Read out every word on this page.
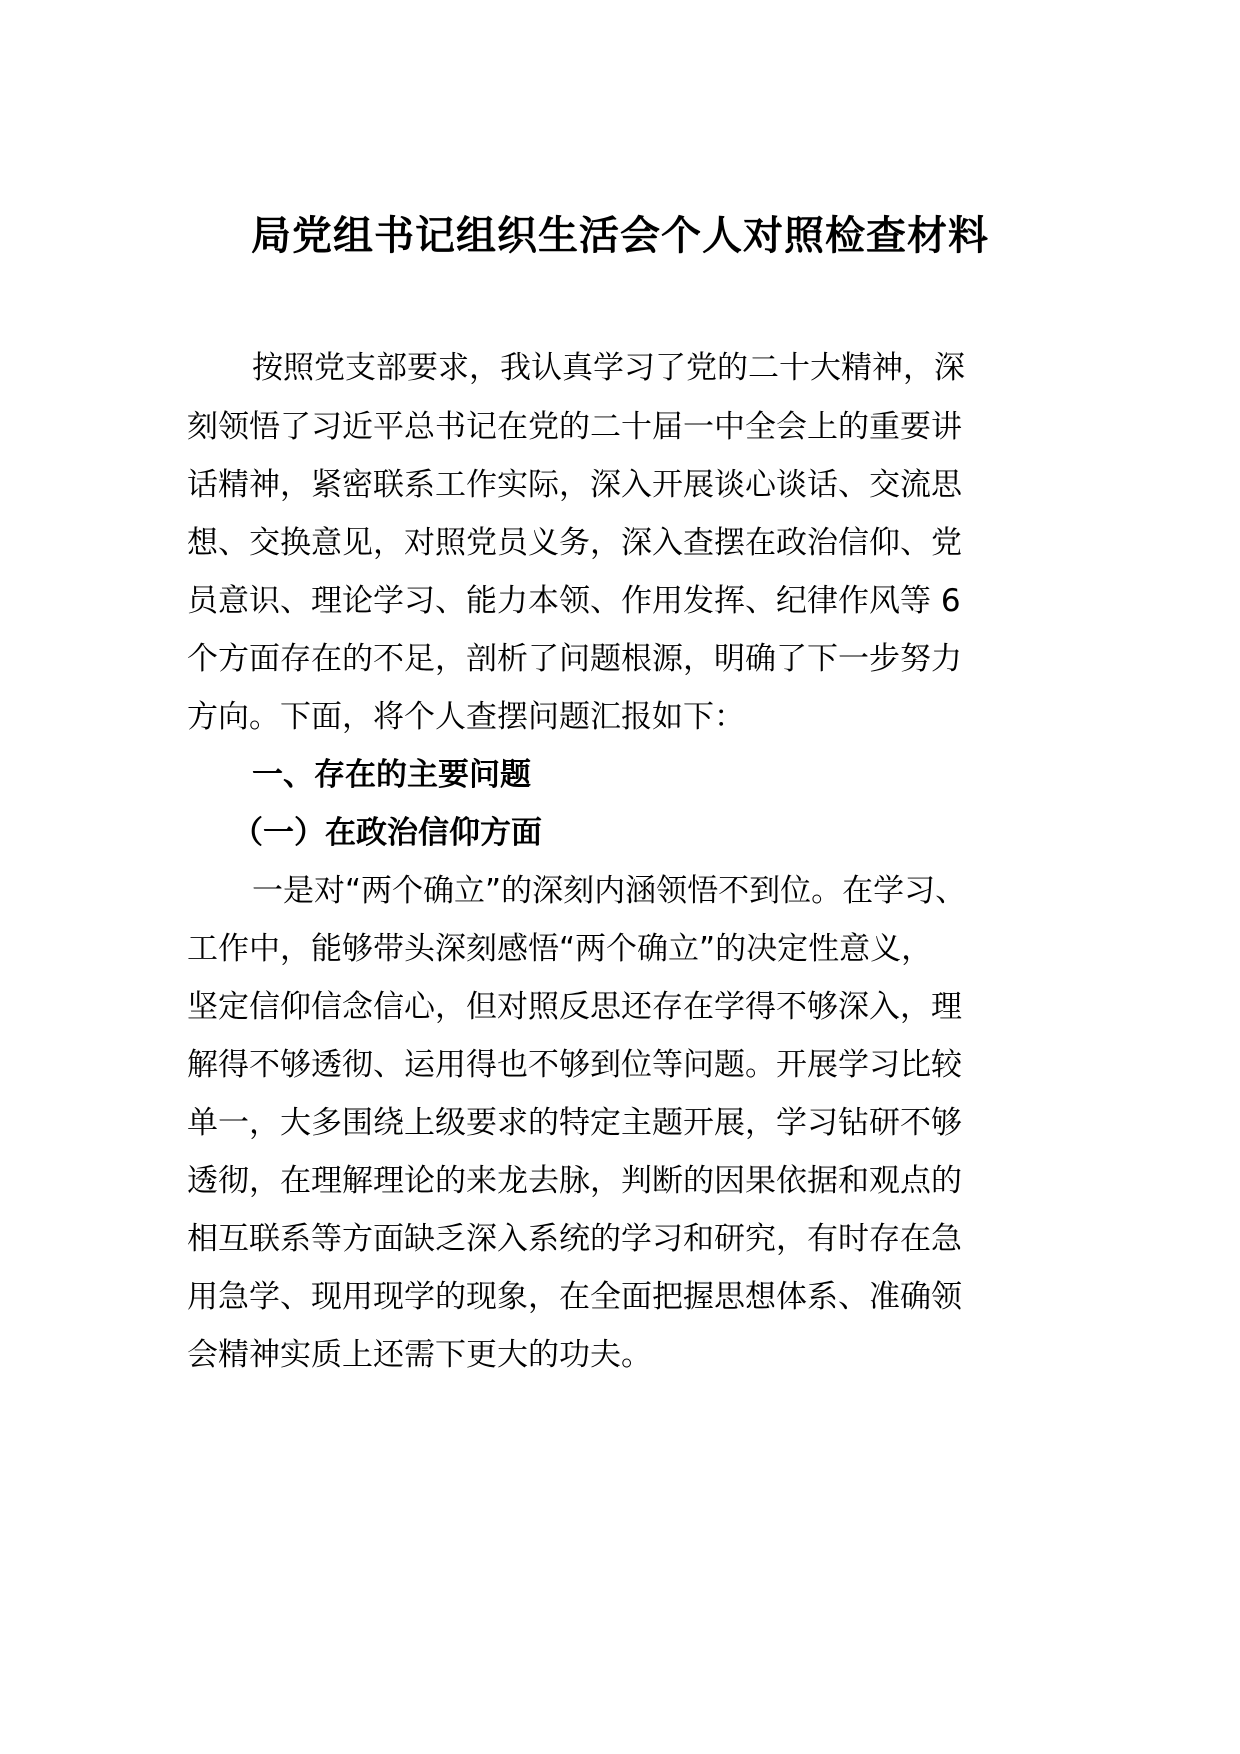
局党组书记组织生活会个人对照检查材料
按照党支部要求，我认真学习了党的二十大精神，深
刻领悟了习近平总书记在党的二十届一中全会上的重要讲
话精神，紧密联系工作实际，深入开展谈心谈话、交流思
想、交换意见，对照党员义务，深入查摆在政治信仰、党
员意识、理论学习、能力本领、作用发挥、纪律作风等 6
个方面存在的不足，剖析了问题根源，明确了下一步努力
方向。下面，将个人查摆问题汇报如下：
一、存在的主要问题
（一）在政治信仰方面
一是对“两个确立”的深刻内涵领悟不到位。在学习、
工作中，能够带头深刻感悟“两个确立”的决定性意义，
坚定信仰信念信心，但对照反思还存在学得不够深入，理
解得不够透彻、运用得也不够到位等问题。开展学习比较
单一，大多围绕上级要求的特定主题开展，学习钻研不够
透彻，在理解理论的来龙去脉，判断的因果依据和观点的
相互联系等方面缺乏深入系统的学习和研究，有时存在急
用急学、现用现学的现象，在全面把握思想体系、准确领
会精神实质上还需下更大的功夫。
